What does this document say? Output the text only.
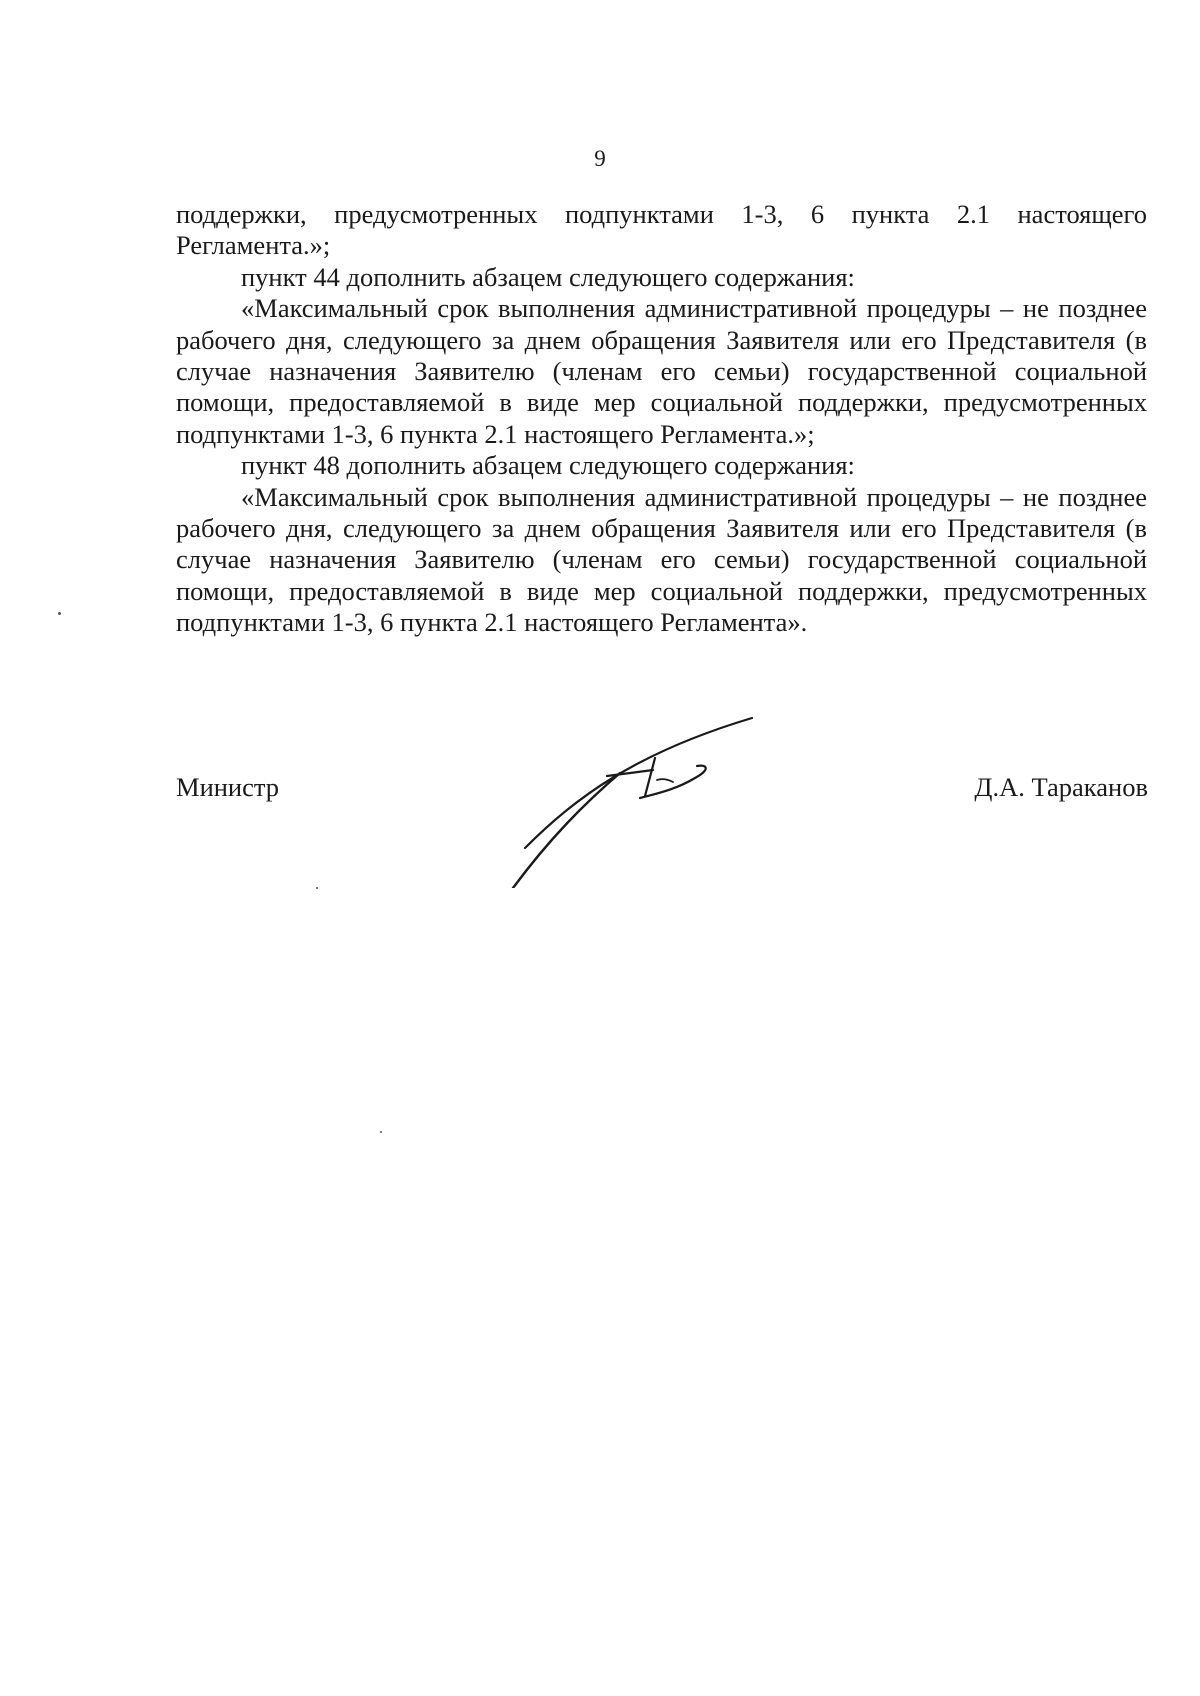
9

поддержки, предусмотренных подпунктами 1-3, 6 пункта 2.1 настоящего Регламента.»;

пункт 44 дополнить абзацем следующего содержания:

«Максимальный срок выполнения административной процедуры – не позднее рабочего дня, следующего за днем обращения Заявителя или его Представителя (в случае назначения Заявителю (членам его семьи) государственной социальной помощи, предоставляемой в виде мер социальной поддержки, предусмотренных подпунктами 1-3, 6 пункта 2.1 настоящего Регламента.»;

пункт 48 дополнить абзацем следующего содержания:

«Максимальный срок выполнения административной процедуры – не позднее рабочего дня, следующего за днем обращения Заявителя или его Представителя (в случае назначения Заявителю (членам его семьи) государственной социальной помощи, предоставляемой в виде мер социальной поддержки, предусмотренных подпунктами 1-3, 6 пункта 2.1 настоящего Регламента».

Министр	Д.А. Тараканов
